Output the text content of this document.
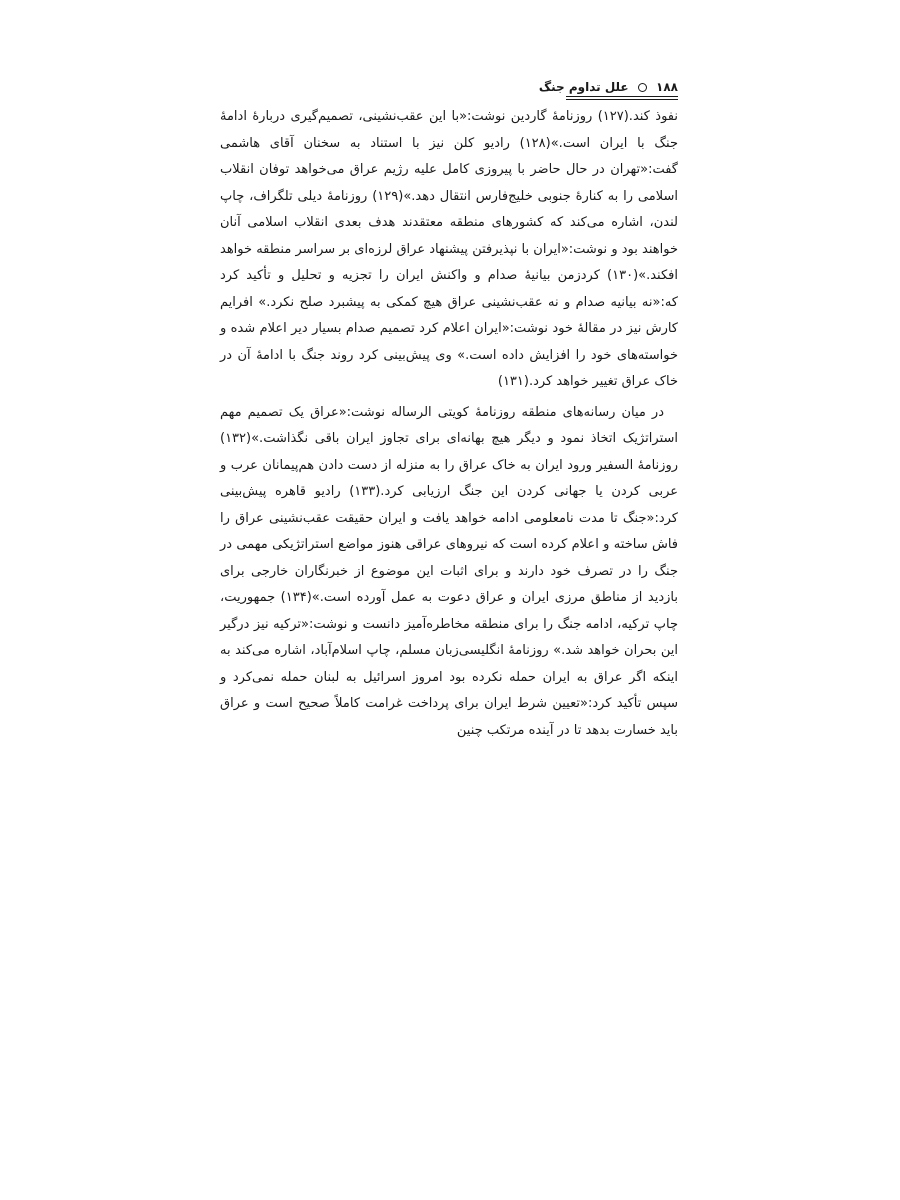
۱۸۸  علل تداوم جنگ

نفوذ کند.(۱۲۷) روزنامهٔ گاردین نوشت:«با این عقب‌نشینی، تصمیم‌گیری دربارهٔ ادامهٔ جنگ با ایران است.»(۱۲۸) رادیو کلن نیز با استناد به سخنان آقای هاشمی گفت:«تهران در حال حاضر با پیروزی کامل علیه رژیم عراق می‌خواهد توفان انقلاب اسلامی را به کنارهٔ جنوبی خلیج‌فارس انتقال دهد.»(۱۲۹) روزنامهٔ دیلی تلگراف، چاپ لندن، اشاره می‌کند که کشورهای منطقه معتقدند هدف بعدی انقلاب اسلامی آنان خواهند بود و نوشت:«ایران با نپذیرفتن پیشنهاد عراق لرزه‌ای بر سراسر منطقه خواهد افکند.»(۱۳۰) کردزمن بیانیهٔ صدام و واکنش ایران را تجزیه و تحلیل و تأکید کرد که:«نه بیانیه صدام و نه عقب‌نشینی عراق هیچ کمکی به پیشبرد صلح نکرد.» افرایم کارش نیز در مقالهٔ خود نوشت:«ایران اعلام کرد تصمیم صدام بسیار دیر اعلام شده و خواسته‌های خود را افزایش داده است.» وی پیش‌بینی کرد روند جنگ با ادامهٔ آن در خاک عراق تغییر خواهد کرد.(۱۳۱)

در میان رسانه‌های منطقه روزنامهٔ کویتی الرساله نوشت:«عراق یک تصمیم مهم استراتژیک اتخاذ نمود و دیگر هیچ بهانه‌ای برای تجاوز ایران باقی نگذاشت.»(۱۳۲) روزنامهٔ السفیر ورود ایران به خاک عراق را به منزله از دست دادن هم‌پیمانان عرب و عربی کردن یا جهانی کردن این جنگ ارزیابی کرد.(۱۳۳) رادیو قاهره پیش‌بینی کرد:«جنگ تا مدت نامعلومی ادامه خواهد یافت و ایران حقیقت عقب‌نشینی عراق را فاش ساخته و اعلام کرده است که نیروهای عراقی هنوز مواضع استراتژیکی مهمی در جنگ را در تصرف خود دارند و برای اثبات این موضوع از خبرنگاران خارجی برای بازدید از مناطق مرزی ایران و عراق دعوت به عمل آورده است.»(۱۳۴) جمهوریت، چاپ ترکیه، ادامه جنگ را برای منطقه مخاطره‌آمیز دانست و نوشت:«ترکیه نیز درگیر این بحران خواهد شد.» روزنامهٔ انگلیسی‌زبان مسلم، چاپ اسلام‌آباد، اشاره می‌کند به اینکه اگر عراق به ایران حمله نکرده بود امروز اسرائیل به لبنان حمله نمی‌کرد و سپس تأکید کرد:«تعیین شرط ایران برای پرداخت غرامت کاملاً صحیح است و عراق باید خسارت بدهد تا در آینده مرتکب چنین
